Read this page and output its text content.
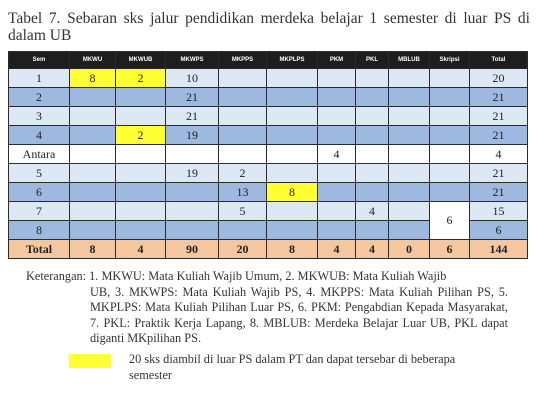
Tabel 7. Sebaran sks jalur pendidikan merdeka belajar 1 semester di luar PS di dalam UB
Sem	MKWU	MKWUB	MKWPS	MKPPS	MKPLPS	PKM	PKL	MBLUB	Skripsi	Total
1	8	2	10							20
2			21							21
3			21							21
4		2	19							21
Antara						4				4
5			19	2						21
6				13	8					21
7				5			4		6	15
8										6
Total	8	4	90	20	8	4	4	0	6	144
Keterangan: 1. MKWU: Mata Kuliah Wajib Umum, 2. MKWUB: Mata Kuliah Wajib
UB, 3. MKWPS: Mata Kuliah Wajib PS, 4. MKPPS: Mata Kuliah Pilihan PS, 5. MKPLPS: Mata Kuliah Pilihan Luar PS, 6. PKM: Pengabdian Kepada Masyarakat, 7. PKL: Praktik Kerja Lapang, 8. MBLUB: Merdeka Belajar Luar UB, PKL dapat diganti MKpilihan PS.
20 sks diambil di luar PS dalam PT dan dapat tersebar di beberapa semester
